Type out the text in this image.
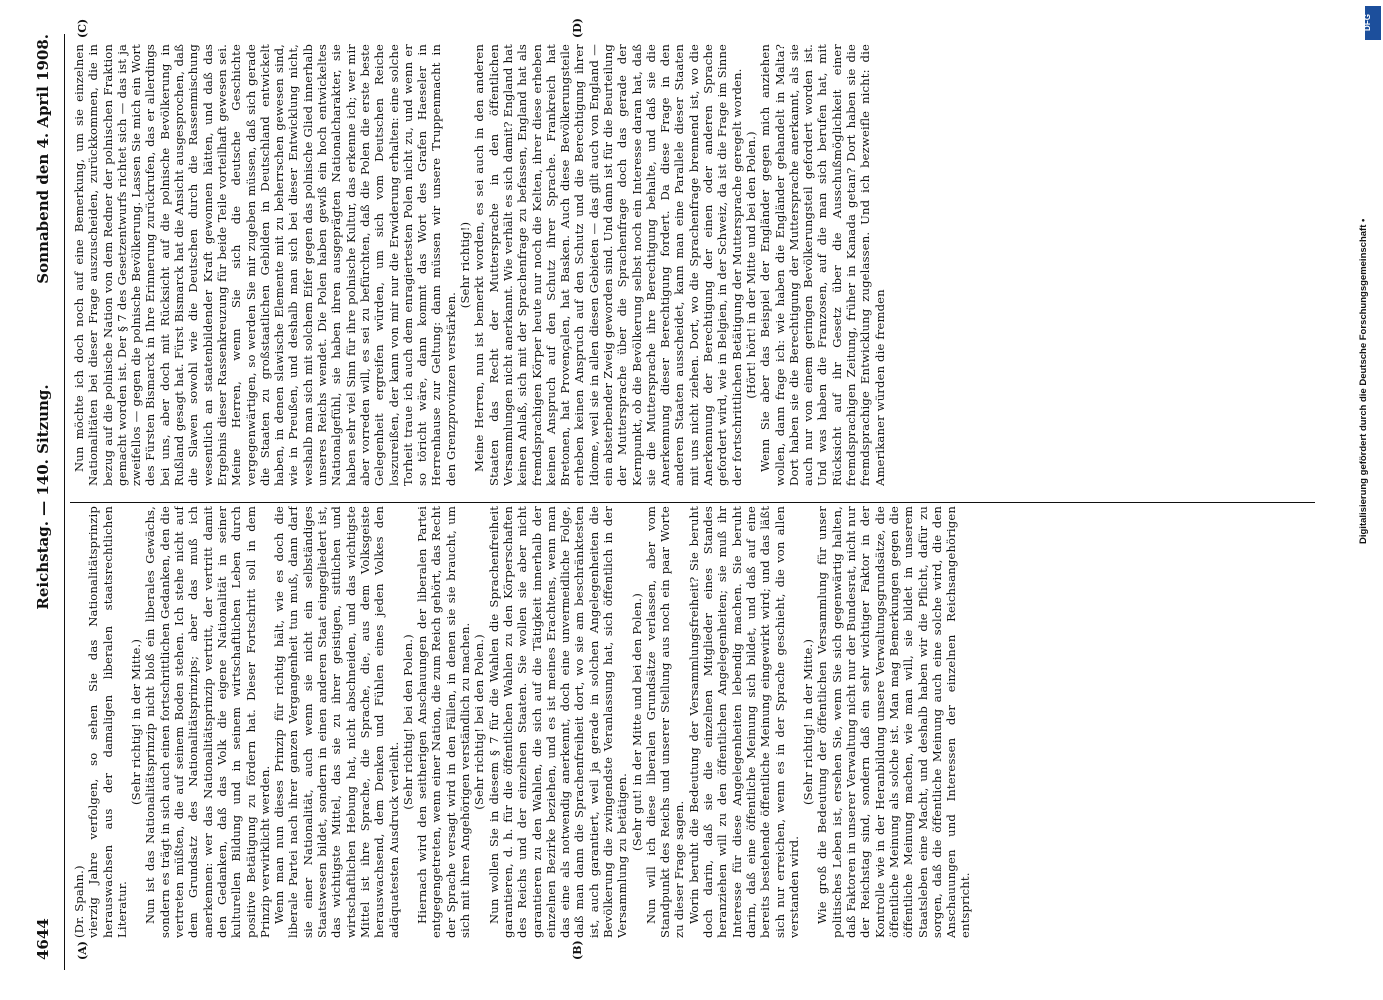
4644
Reichstag. — 140. Sitzung.
Sonnabend den 4. April 1908.
(A)	(B)
(C)	(D)

(Dr. Spahn.) vierzig Jahre verfolgen, so sehen Sie das Nationalitätsprinzip herauswachsen aus der damaligen liberalen staatsrechtlichen Literatur.

(Sehr richtig! in der Mitte.) Nun ist das Nationalitätsprinzip nicht bloß ein liberales Gewächs, sondern es trägt in sich auch einen fortschrittlichen Gedanken, den die vertreten müßten, die auf seinem Boden stehen. Ich stehe nicht auf dem Grundsatz des Nationalitätsprinzips; aber das muß ich anerkennen: wer das Nationalitätsprinzip vertritt, der vertritt damit den Gedanken, daß das Volk die eigene Nationalität in seiner kulturellen Bildung und in seinem wirtschaftlichen Leben durch positive Betätigung zu fördern hat. Dieser Fortschritt soll in dem Prinzip verwirklicht werden. Wenn man nun dieses Prinzip für richtig hält, wie es doch die liberale Partei nach ihrer ganzen Vergangenheit tun muß, dann darf sie einer Nationalität, auch wenn sie nicht ein selbständiges Staatswesen bildet, sondern in einen anderen Staat eingegliedert ist, das wichtigste Mittel, das sie zu ihrer geistigen, sittlichen und wirtschaftlichen Hebung hat, nicht abschneiden, und das wichtigste Mittel ist ihre Sprache, die Sprache, die, aus dem Volksgeiste herauswachsend, dem Denken und Fühlen eines jeden Volkes den adäquatesten Ausdruck verleiht.

(Sehr richtig! bei den Polen.) Hiernach wird den seitherigen Anschauungen der liberalen Partei entgegengetreten, wenn einer Nation, die zum Reich gehört, das Recht der Sprache versagt wird in den Fällen, in denen sie sie braucht, um sich mit ihren Angehörigen verständlich zu machen. (Sehr richtig! bei den Polen.) Nun wollen Sie in diesem § 7 für die Wahlen die Sprachenfreiheit garantieren, d. h. für die öffentlichen Wahlen zu den Körperschaften des Reichs und der einzelnen Staaten. Sie wollen sie aber nicht garantieren zu den Wahlen, die sich auf die Tätigkeit innerhalb der einzelnen Bezirke beziehen, und es ist meines Erachtens, wenn man das eine als notwendig anerkennt, doch eine unvermeidliche Folge, daß man dann die Sprachenfreiheit dort, wo sie am beschränktesten ist, auch garantiert, weil ja gerade in solchen Angelegenheiten die Bevölkerung die zwingendste Veranlassung hat, sich öffentlich in der Versammlung zu betätigen.

(Sehr gut! in der Mitte und bei den Polen.) Nun will ich diese liberalen Grundsätze verlassen, aber vom Standpunkt des Reichs und unserer Stellung aus noch ein paar Worte zu dieser Frage sagen. Worin beruht die Bedeutung der Versammlungsfreiheit? Sie beruht doch darin, daß sie die einzelnen Mitglieder eines Standes heranziehen will zu den öffentlichen Angelegenheiten; sie muß ihr Interesse für diese Angelegenheiten lebendig machen. Sie beruht darin, daß eine öffentliche Meinung sich bildet, und daß auf eine bereits bestehende öffentliche Meinung eingewirkt wird; und das läßt sich nur erreichen, wenn es in der Sprache geschieht, die von allen verstanden wird.

(Sehr richtig! in der Mitte.) Wie groß die Bedeutung der öffentlichen Versammlung für unser politisches Leben ist, ersehen Sie, wenn Sie sich gegenwärtig halten, daß Faktoren in unserer Verwaltung nicht nur der Bundesrat, nicht nur der Reichstag sind, sondern daß ein sehr wichtiger Faktor in der Kontrolle wie in der Heranbildung unsere Verwaltungsgrundsätze, die öffentliche Meinung als solche ist. Man mag Bemerkungen gegen die öffentliche Meinung machen, wie man will, sie bildet in unserem Staatsleben eine Macht, und deshalb haben wir die Pflicht, dafür zu sorgen, daß die öffentliche Meinung auch eine solche wird, die den Anschauungen und Interessen der einzelnen Reichsangehörigen entspricht.

Nun möchte ich doch noch auf eine Bemerkung, um sie einzelnen Nationalitäten bei dieser Frage auszuscheiden, zurückkommen, die in bezug auf die polnische Nation von dem Redner der polnischen Fraktion gemacht worden ist. Der § 7 des Gesetzentwurfs richtet sich — das ist ja zweifellos — gegen die polnische Bevölkerung. Lassen Sie mich ein Wort des Fürsten Bismarck in Ihre Erinnerung zurückrufen, das er allerdings bei uns, aber doch mit Rücksicht auf die polnische Bevölkerung in Rußland gesagt hat. Fürst Bismarck hat die Ansicht ausgesprochen, daß die Slawen sowohl wie die Deutschen durch die Rassenmischung wesentlich an staatenbildender Kraft gewonnen hätten, und daß das Ergebnis dieser Rassenkreuzung für beide Teile vorteilhaft gewesen sei. Meine Herren, wenn Sie sich die deutsche Geschichte vergegenwärtigen, so werden Sie mir zugeben müssen, daß sich gerade die Staaten zu großstaatlichen Gebilden in Deutschland entwickelt haben, in denen slawische Elemente mit zu beherrschen gewesen sind, wie in Preußen, und deshalb man sich bei dieser Entwicklung nicht, weshalb man sich mit solchem Eifer gegen das polnische Glied innerhalb unseres Reichs wendet. Die Polen haben gewiß ein hoch entwickeltes Nationalgefühl, sie haben ihren ausgeprägten Nationalcharakter, sie haben sehr viel Sinn für ihre polnische Kultur, das erkenne ich; wer mir aber vorreden will, es sei zu befürchten, daß die Polen die erste beste Gelegenheit ergreifen würden, um sich vom Deutschen Reiche loszureißen, der kann von mir nur die Erwiderung erhalten: eine solche Torheit traue ich auch dem enragiertesten Polen nicht zu, und wenn er so töricht wäre, dann kommt das Wort des Grafen Haeseler in Herrenhause zur Geltung: dann müssen wir unsere Truppenmacht in den Grenzprovinzen verstärken.

(Sehr richtig!) Meine Herren, nun ist bemerkt worden, es sei auch in den anderen Staaten das Recht der Muttersprache in den öffentlichen Versammlungen nicht anerkannt. Wie verhält es sich damit? England hat keinen Anlaß, sich mit der Sprachenfrage zu befassen, England hat als fremdsprachigen Körper heute nur noch die Kelten, ihrer diese erheben keinen Anspruch auf den Schutz ihrer Sprache. Frankreich hat Bretonen, hat Provençalen, hat Basken. Auch diese Bevölkerungsteile erheben keinen Anspruch auf den Schutz und die Berechtigung ihrer Idiome, weil sie in allen diesen Gebieten — das gilt auch von England — ein absterbender Zweig geworden sind. Und dann ist für die Beurteilung der Muttersprache über die Sprachenfrage doch das gerade der Kernpunkt, ob die Bevölkerung selbst noch ein Interesse daran hat, daß sie die Muttersprache ihre Berechtigung behalte, und daß sie die Anerkennung dieser Berechtigung fordert. Da diese Frage in den anderen Staaten ausscheidet, kann man eine Parallele dieser Staaten mit uns nicht ziehen. Dort, wo die Sprachenfrage brennend ist, wo die Anerkennung der Berechtigung der einen oder anderen Sprache gefordert wird, wie in Belgien, in der Schweiz, da ist die Frage im Sinne der fortschrittlichen Betätigung der Muttersprache geregelt worden. (Hört! hört! in der Mitte und bei den Polen.) Wenn Sie aber das Beispiel der Engländer gegen mich anziehen wollen, dann frage ich: wie haben die Engländer gehandelt in Malta? Dort haben sie die Berechtigung der Muttersprache anerkannt, als sie auch nur von einem geringen Bevölkerungsteil gefordert worden ist. Und was haben die Franzosen, auf die man sich berufen hat, mit Rücksicht auf ihr Gesetz über die Ausschußmöglichkeit einer fremdsprachigen Zeitung, früher in Kanada getan? Dort haben sie die fremdsprachige Entwicklung zugelassen. Und ich bezweifle nicht: die Amerikaner würden die fremden	Digitalisierung gefördert durch die Deutsche Forschungsgemeinschaft •
DFG
